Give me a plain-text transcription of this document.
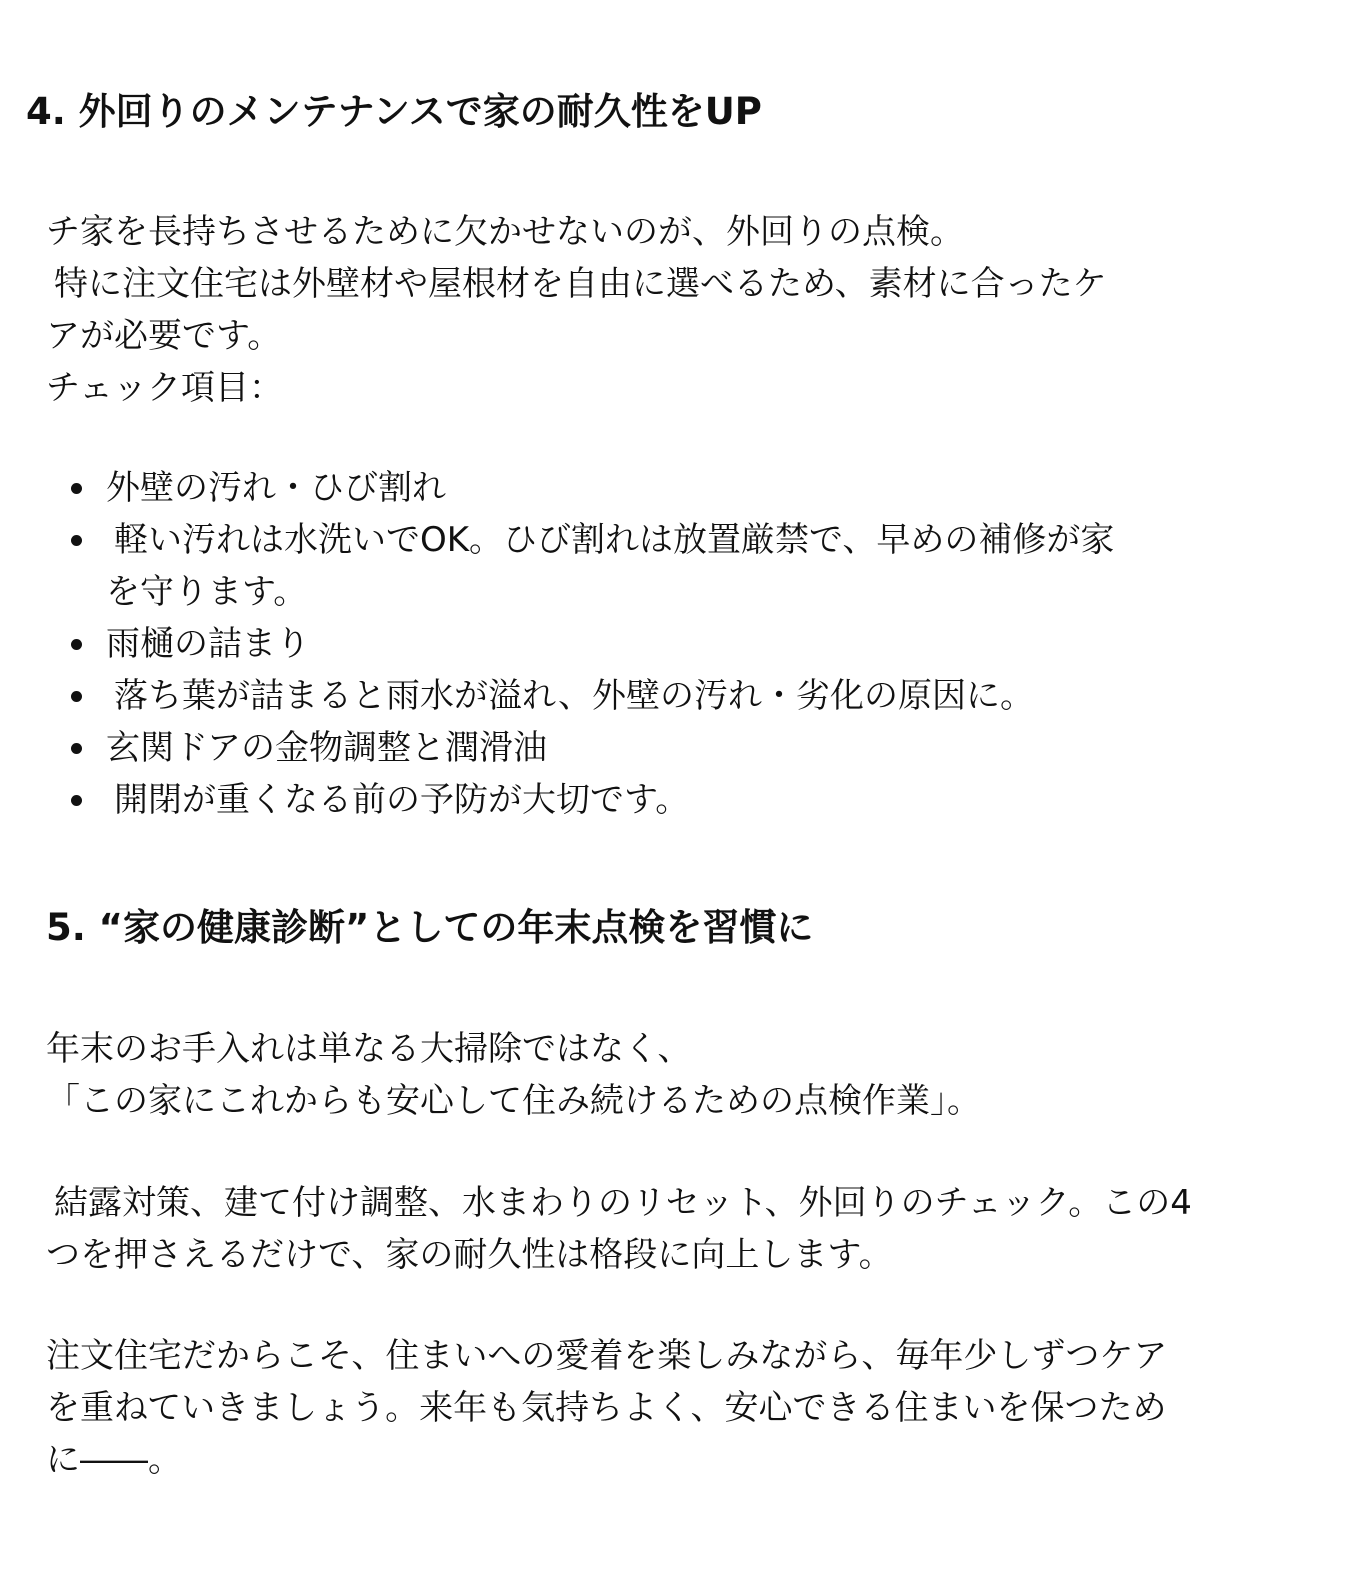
4. 外回りのメンテナンスで家の耐久性をUP

チ家を長持ちさせるために欠かせないのが、外回りの点検。
特に注文住宅は外壁材や屋根材を自由に選べるため、素材に合ったケ
アが必要です。
チェック項目：

外壁の汚れ・ひび割れ
軽い汚れは水洗いでOK。ひび割れは放置厳禁で、早めの補修が家
を守ります。
雨樋の詰まり
落ち葉が詰まると雨水が溢れ、外壁の汚れ・劣化の原因に。
玄関ドアの金物調整と潤滑油
開閉が重くなる前の予防が大切です。
5. “家の健康診断”としての年末点検を習慣に

年末のお手入れは単なる大掃除ではなく、
「この家にこれからも安心して住み続けるための点検作業」。

結露対策、建て付け調整、水まわりのリセット、外回りのチェック。この4
つを押さえるだけで、家の耐久性は格段に向上します。

注文住宅だからこそ、住まいへの愛着を楽しみながら、毎年少しずつケア
を重ねていきましょう。来年も気持ちよく、安心できる住まいを保つため
に――。
